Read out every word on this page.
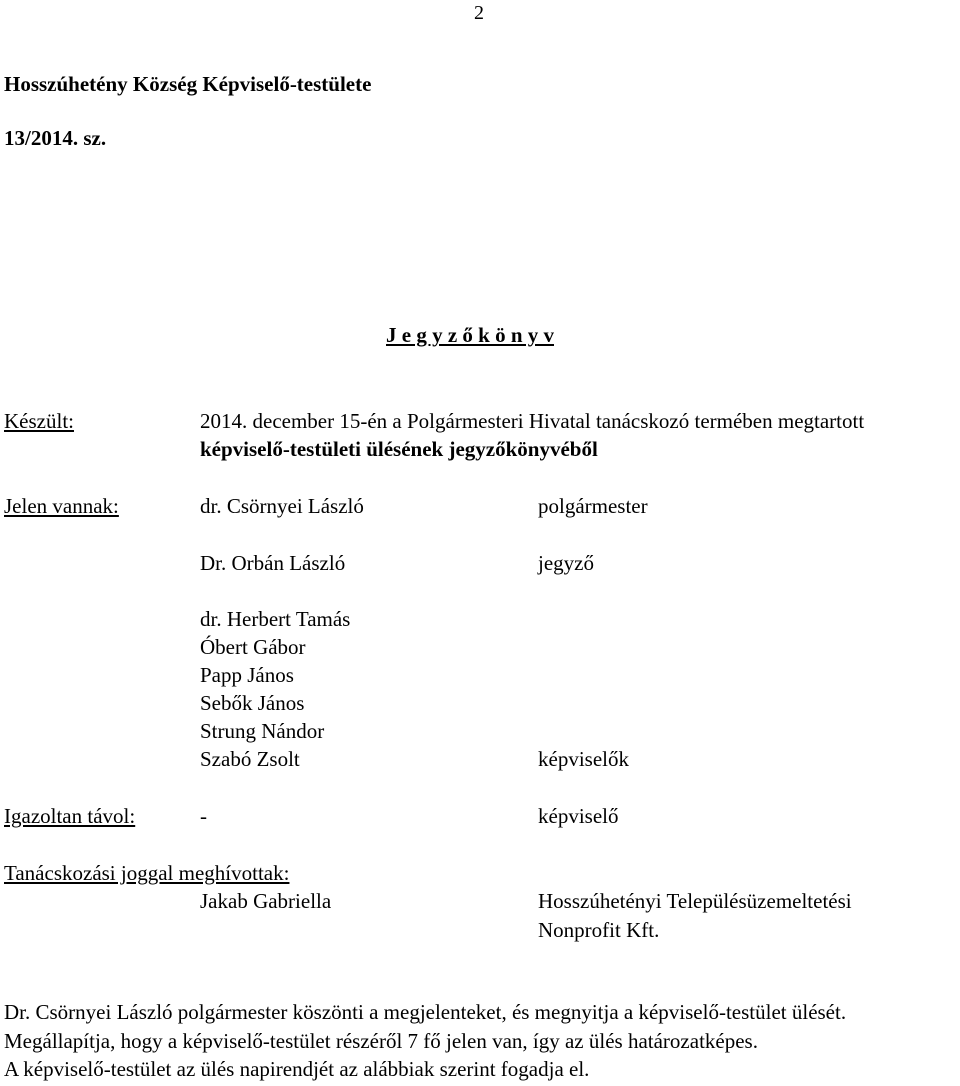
2
Hosszúhetény Község Képviselő-testülete
13/2014. sz.
J e g y z ő k ö n y v
Készült:	2014. december 15-én a Polgármesteri Hivatal tanácskozó termében megtartott
képviselő-testületi ülésének jegyzőkönyvéből
Jelen vannak:	dr. Csörnyei László	polgármester
Dr. Orbán László	jegyző
dr. Herbert Tamás
Óbert Gábor
Papp János
Sebők János
Strung Nándor
Szabó Zsolt	képviselők
Igazoltan távol:	-	képviselő
Tanácskozási joggal meghívottak:
Jakab Gabriella	Hosszúhetényi Településüzemeltetési
Nonprofit Kft.
Dr. Csörnyei László polgármester köszönti a megjelenteket, és megnyitja a képviselő-testület ülését.
Megállapítja, hogy a képviselő-testület részéről 7 fő jelen van, így az ülés határozatképes.
A képviselő-testület az ülés napirendjét az alábbiak szerint fogadja el.
